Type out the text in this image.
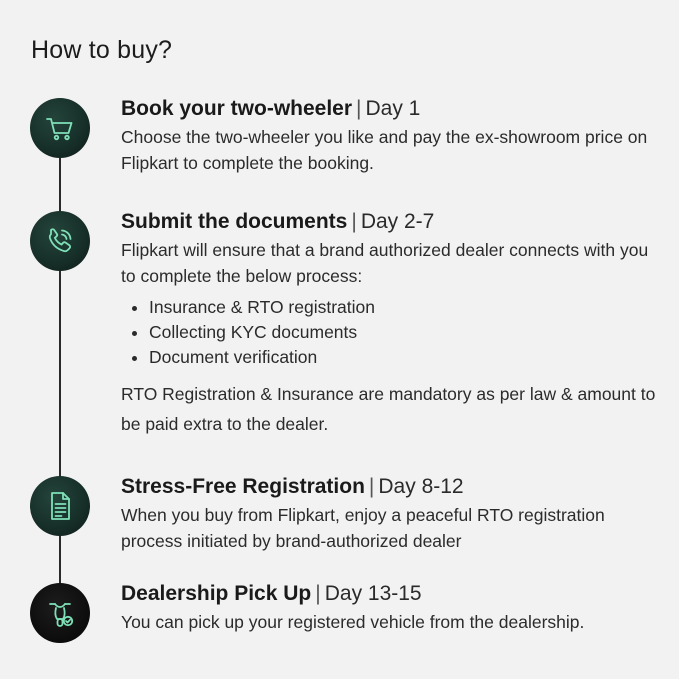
How to buy?
Book your two-wheeler | Day 1
Choose the two-wheeler you like and pay the ex-showroom price on Flipkart to complete the booking.
Submit the documents | Day 2-7
Flipkart will ensure that a brand authorized dealer connects with you to complete the below process:
• Insurance & RTO registration
• Collecting KYC documents
• Document verification
RTO Registration & Insurance are mandatory as per law & amount to be paid extra to the dealer.
Stress-Free Registration | Day 8-12
When you buy from Flipkart, enjoy a peaceful RTO registration process initiated by brand-authorized dealer
Dealership Pick Up | Day 13-15
You can pick up your registered vehicle from the dealership.
